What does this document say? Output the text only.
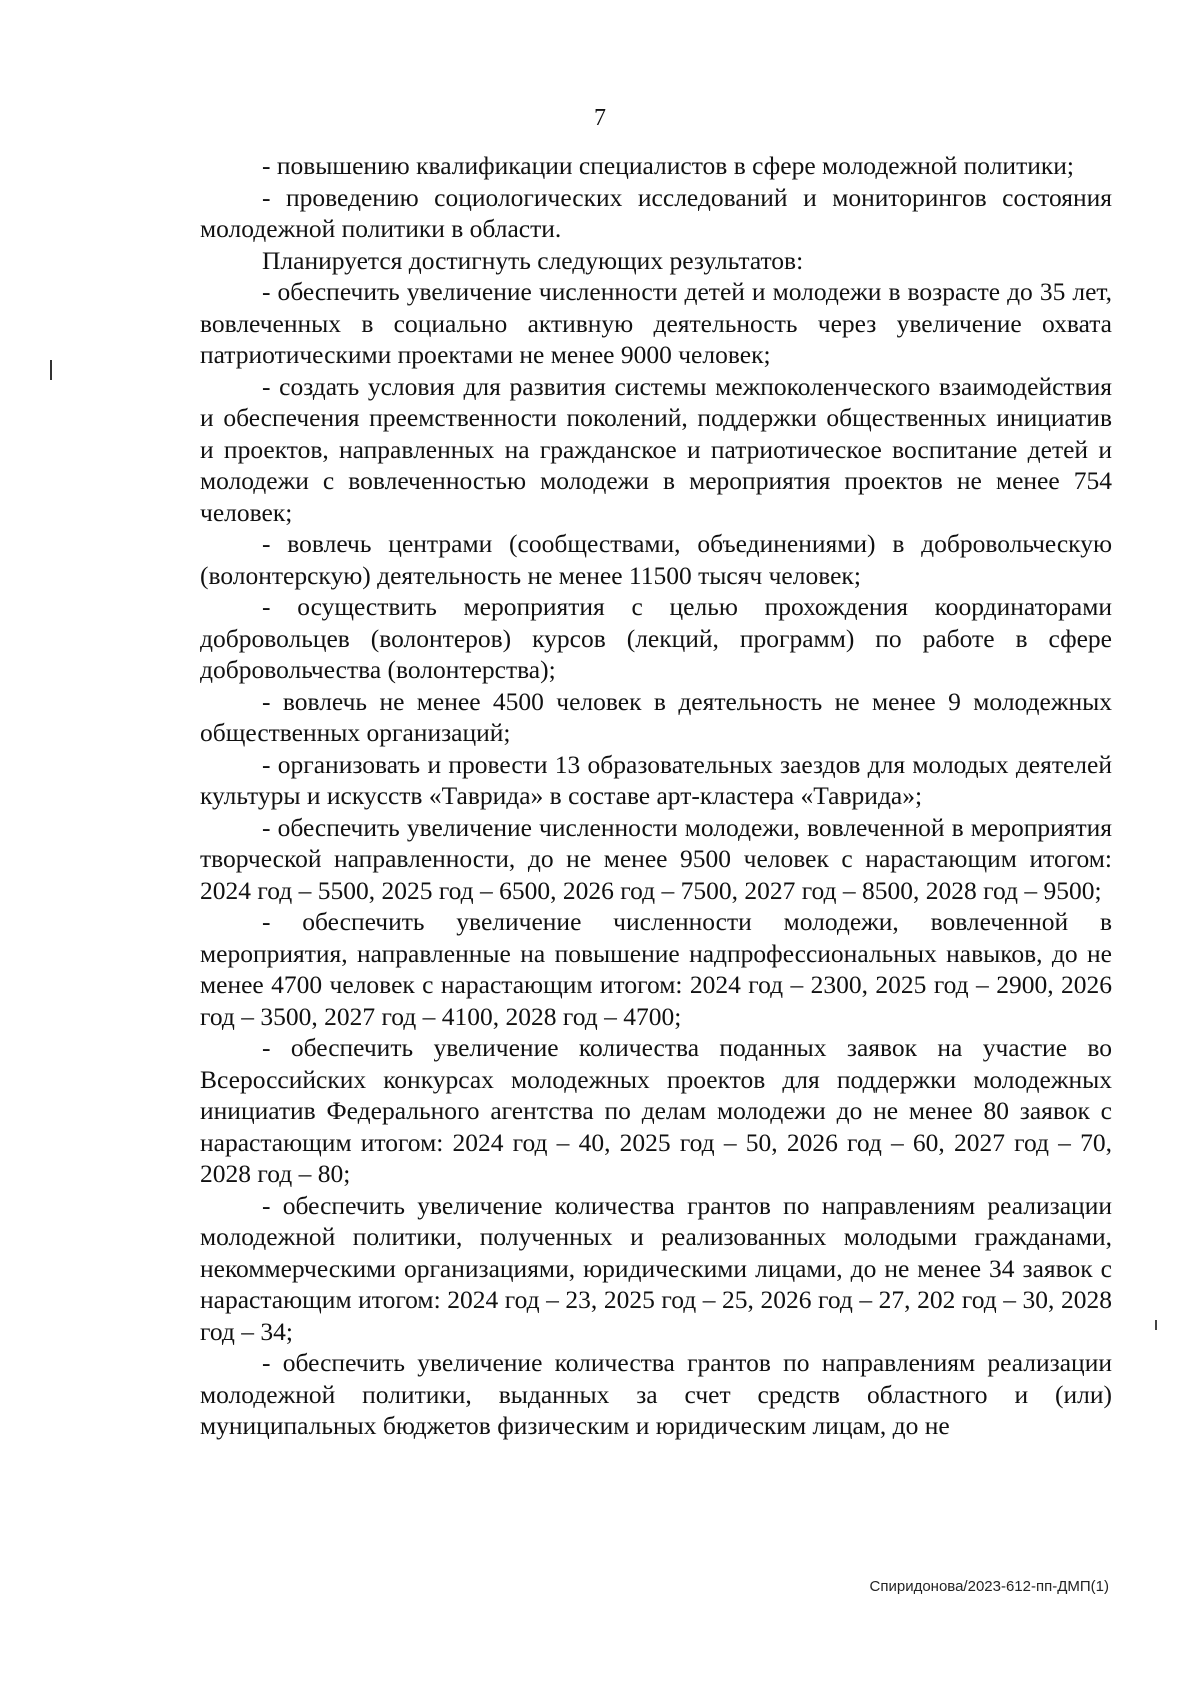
7

- повышению квалификации специалистов в сфере молодежной политики;

- проведению социологических исследований и мониторингов состояния молодежной политики в области.

Планируется достигнуть следующих результатов:

- обеспечить увеличение численности детей и молодежи в возрасте до 35 лет, вовлеченных в социально активную деятельность через увеличение охвата патриотическими проектами не менее 9000 человек;

- создать условия для развития системы межпоколенческого взаимодействия и обеспечения преемственности поколений, поддержки общественных инициатив и проектов, направленных на гражданское и патриотическое воспитание детей и молодежи с вовлеченностью молодежи в мероприятия проектов не менее 754 человек;

- вовлечь центрами (сообществами, объединениями) в добровольческую (волонтерскую) деятельность не менее 11500 тысяч человек;

- осуществить мероприятия с целью прохождения координаторами добровольцев (волонтеров) курсов (лекций, программ) по работе в сфере добровольчества (волонтерства);

- вовлечь не менее 4500 человек в деятельность не менее 9 молодежных общественных организаций;

- организовать и провести 13 образовательных заездов для молодых деятелей культуры и искусств «Таврида» в составе арт-кластера «Таврида»;

- обеспечить увеличение численности молодежи, вовлеченной в мероприятия творческой направленности, до не менее 9500 человек с нарастающим итогом: 2024 год – 5500, 2025 год – 6500, 2026 год – 7500, 2027 год – 8500, 2028 год – 9500;

- обеспечить увеличение численности молодежи, вовлеченной в мероприятия, направленные на повышение надпрофессиональных навыков, до не менее 4700 человек с нарастающим итогом: 2024 год – 2300, 2025 год – 2900, 2026 год – 3500, 2027 год – 4100, 2028 год – 4700;

- обеспечить увеличение количества поданных заявок на участие во Всероссийских конкурсах молодежных проектов для поддержки молодежных инициатив Федерального агентства по делам молодежи до не менее 80 заявок с нарастающим итогом: 2024 год – 40, 2025 год – 50, 2026 год – 60, 2027 год – 70, 2028 год – 80;

- обеспечить увеличение количества грантов по направлениям реализации молодежной политики, полученных и реализованных молодыми гражданами, некоммерческими организациями, юридическими лицами, до не менее 34 заявок с нарастающим итогом: 2024 год – 23, 2025 год – 25, 2026 год – 27, 202 год – 30, 2028 год – 34;

- обеспечить увеличение количества грантов по направлениям реализации молодежной политики, выданных за счет средств областного и (или) муниципальных бюджетов физическим и юридическим лицам, до не

Спиридонова/2023-612-пп-ДМП(1)
